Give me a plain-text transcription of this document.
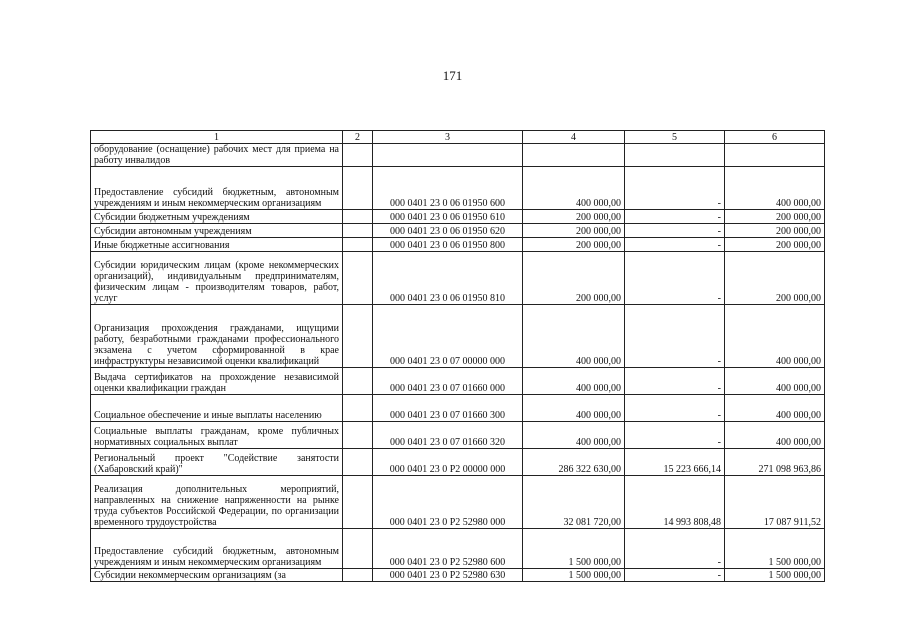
171
1	2	3	4	5	6
оборудование (оснащение) рабочих мест для приема на работу инвалидов					
Предоставление субсидий бюджетным, автономным учреждениям и иным некоммерческим организациям		000 0401 23 0 06 01950 600	400 000,00	-	400 000,00
Субсидии бюджетным учреждениям		000 0401 23 0 06 01950 610	200 000,00	-	200 000,00
Субсидии автономным учреждениям		000 0401 23 0 06 01950 620	200 000,00	-	200 000,00
Иные бюджетные ассигнования		000 0401 23 0 06 01950 800	200 000,00	-	200 000,00
Субсидии юридическим лицам (кроме некоммерческих организаций), индивидуальным предпринимателям, физическим лицам - производителям товаров, работ, услуг		000 0401 23 0 06 01950 810	200 000,00	-	200 000,00
Организация прохождения гражданами, ищущими работу, безработными гражданами профессионального экзамена с учетом сформированной в крае инфраструктуры независимой оценки квалификаций		000 0401 23 0 07 00000 000	400 000,00	-	400 000,00
Выдача сертификатов на прохождение независимой оценки квалификации граждан		000 0401 23 0 07 01660 000	400 000,00	-	400 000,00
Социальное обеспечение и иные выплаты населению		000 0401 23 0 07 01660 300	400 000,00	-	400 000,00
Социальные выплаты гражданам, кроме публичных нормативных социальных выплат		000 0401 23 0 07 01660 320	400 000,00	-	400 000,00
Региональный проект "Содействие занятости (Хабаровский край)"		000 0401 23 0 P2 00000 000	286 322 630,00	15 223 666,14	271 098 963,86
Реализация дополнительных мероприятий, направленных на снижение напряженности на рынке труда субъектов Российской Федерации, по организации временного трудоустройства		000 0401 23 0 P2 52980 000	32 081 720,00	14 993 808,48	17 087 911,52
Предоставление субсидий бюджетным, автономным учреждениям и иным некоммерческим организациям		000 0401 23 0 P2 52980 600	1 500 000,00	-	1 500 000,00
Субсидии некоммерческим организациям (за		000 0401 23 0 P2 52980 630	1 500 000,00	-	1 500 000,00
